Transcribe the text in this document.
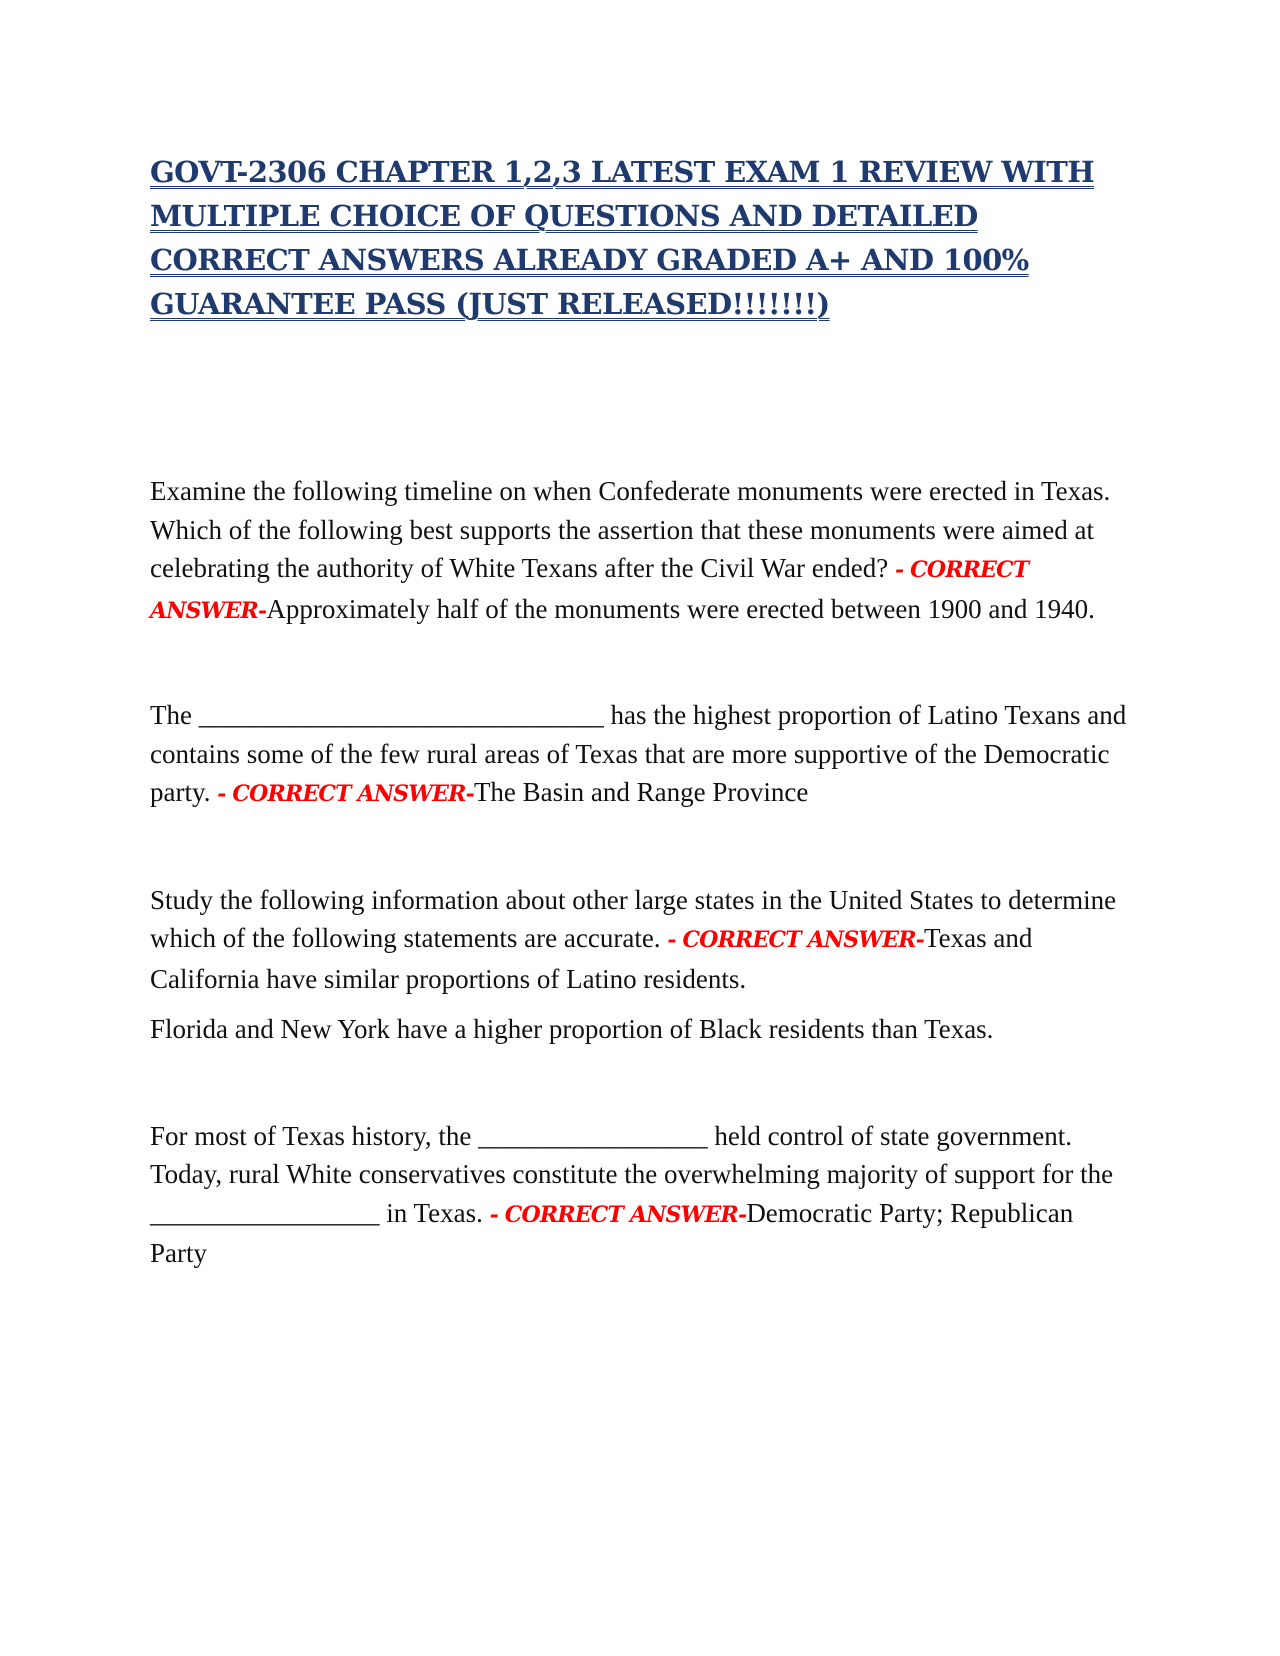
GOVT-2306 CHAPTER 1,2,3 LATEST EXAM 1 REVIEW WITH MULTIPLE CHOICE OF QUESTIONS AND DETAILED CORRECT ANSWERS ALREADY GRADED A+ AND 100% GUARANTEE PASS (JUST RELEASED!!!!!!!)

Examine the following timeline on when Confederate monuments were erected in Texas. Which of the following best supports the assertion that these monuments were aimed at celebrating the authority of White Texans after the Civil War ended? - CORRECT ANSWER-Approximately half of the monuments were erected between 1900 and 1940.

The ______________________________ has the highest proportion of Latino Texans and contains some of the few rural areas of Texas that are more supportive of the Democratic party. - CORRECT ANSWER-The Basin and Range Province

Study the following information about other large states in the United States to determine which of the following statements are accurate. - CORRECT ANSWER-Texas and California have similar proportions of Latino residents.

Florida and New York have a higher proportion of Black residents than Texas.

For most of Texas history, the _________________ held control of state government. Today, rural White conservatives constitute the overwhelming majority of support for the _________________ in Texas. - CORRECT ANSWER-Democratic Party; Republican Party
